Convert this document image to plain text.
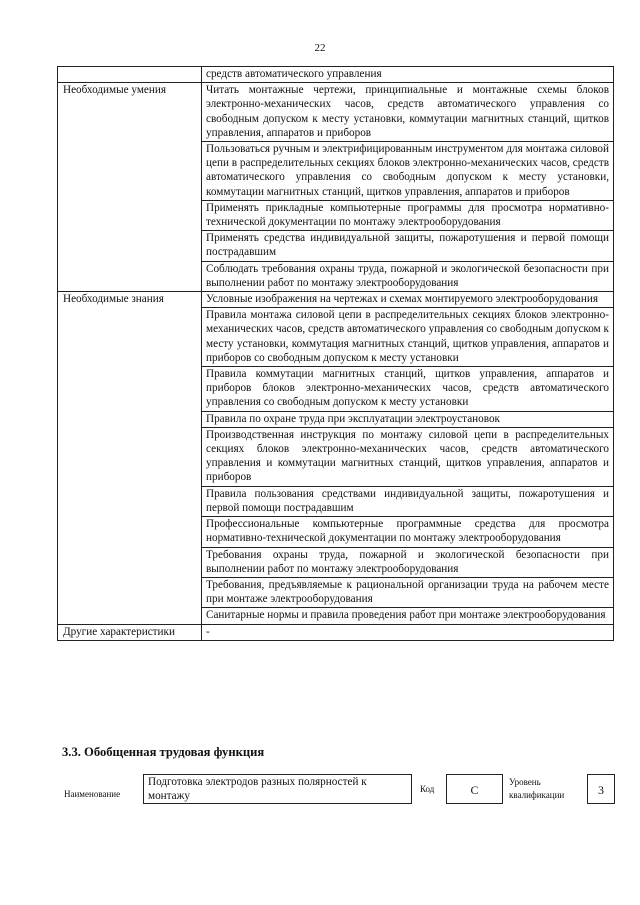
22
	средств автоматического управления
Необходимые умения	Читать монтажные чертежи, принципиальные и монтажные схемы блоков электронно-механических часов, средств автоматического управления со свободным допуском к месту установки, коммутации магнитных станций, щитков управления, аппаратов и приборов
	Пользоваться ручным и электрифицированным инструментом для монтажа силовой цепи в распределительных секциях блоков электронно-механических часов, средств автоматического управления со свободным допуском к месту установки, коммутации магнитных станций, щитков управления, аппаратов и приборов
	Применять прикладные компьютерные программы для просмотра нормативно-технической документации по монтажу электрооборудования
	Применять средства индивидуальной защиты, пожаротушения и первой помощи пострадавшим
	Соблюдать требования охраны труда, пожарной и экологической безопасности при выполнении работ по монтажу электрооборудования
Необходимые знания	Условные изображения на чертежах и схемах монтируемого электрооборудования
	Правила монтажа силовой цепи в распределительных секциях блоков электронно-механических часов, средств автоматического управления со свободным допуском к месту установки, коммутация магнитных станций, щитков управления, аппаратов и приборов со свободным допуском к месту установки
	Правила коммутации магнитных станций, щитков управления, аппаратов и приборов блоков электронно-механических часов, средств автоматического управления со свободным допуском к месту установки
	Правила по охране труда при эксплуатации электроустановок
	Производственная инструкция по монтажу силовой цепи в распределительных секциях блоков электронно-механических часов, средств автоматического управления и коммутации магнитных станций, щитков управления, аппаратов и приборов
	Правила пользования средствами индивидуальной защиты, пожаротушения и первой помощи пострадавшим
	Профессиональные компьютерные программные средства для просмотра нормативно-технической документации по монтажу электрооборудования
	Требования охраны труда, пожарной и экологической безопасности при выполнении работ по монтажу электрооборудования
	Требования, предъявляемые к рациональной организации труда на рабочем месте при монтаже электрооборудования
	Санитарные нормы и правила проведения работ при монтаже электрооборудования
Другие характеристики	-
3.3. Обобщенная трудовая функция
Наименование
Подготовка электродов разных полярностей к монтажу
Код	C
Уровень квалификации	3
